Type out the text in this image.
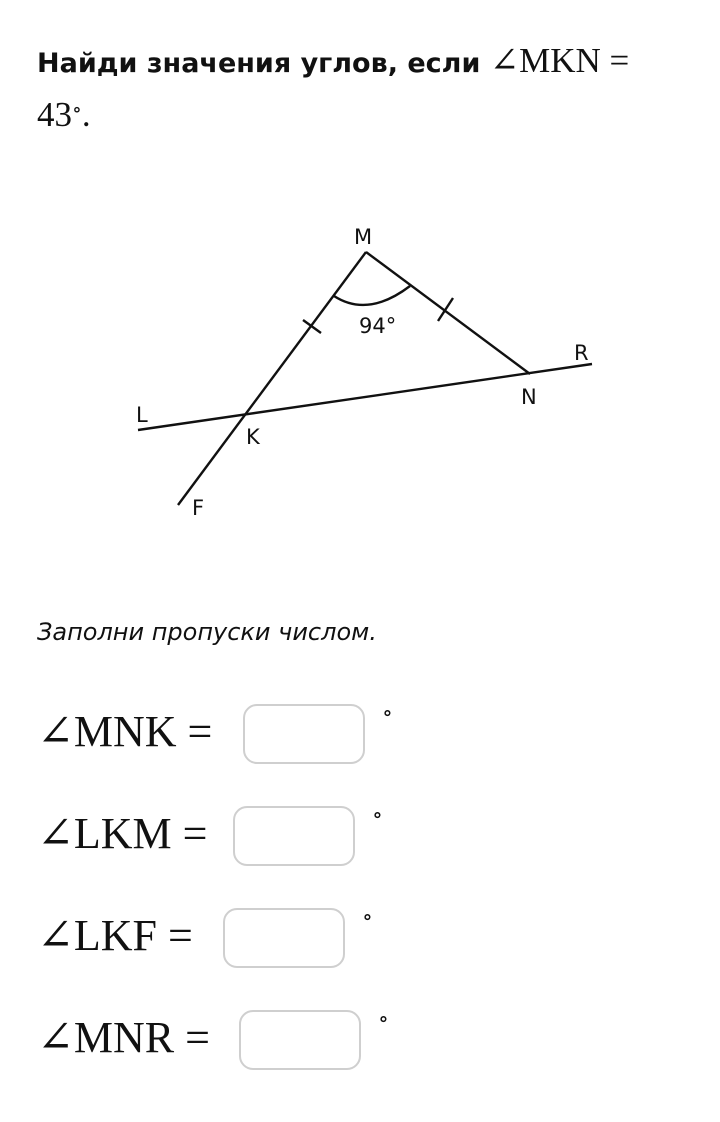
Найди значения углов, если ∠MKN =
43∘.
M
R
N
L
K
F
94°
Заполни пропуски числом.
∠MNK =	∘
∠LKM =	∘
∠LKF =	∘
∠MNR =	∘
